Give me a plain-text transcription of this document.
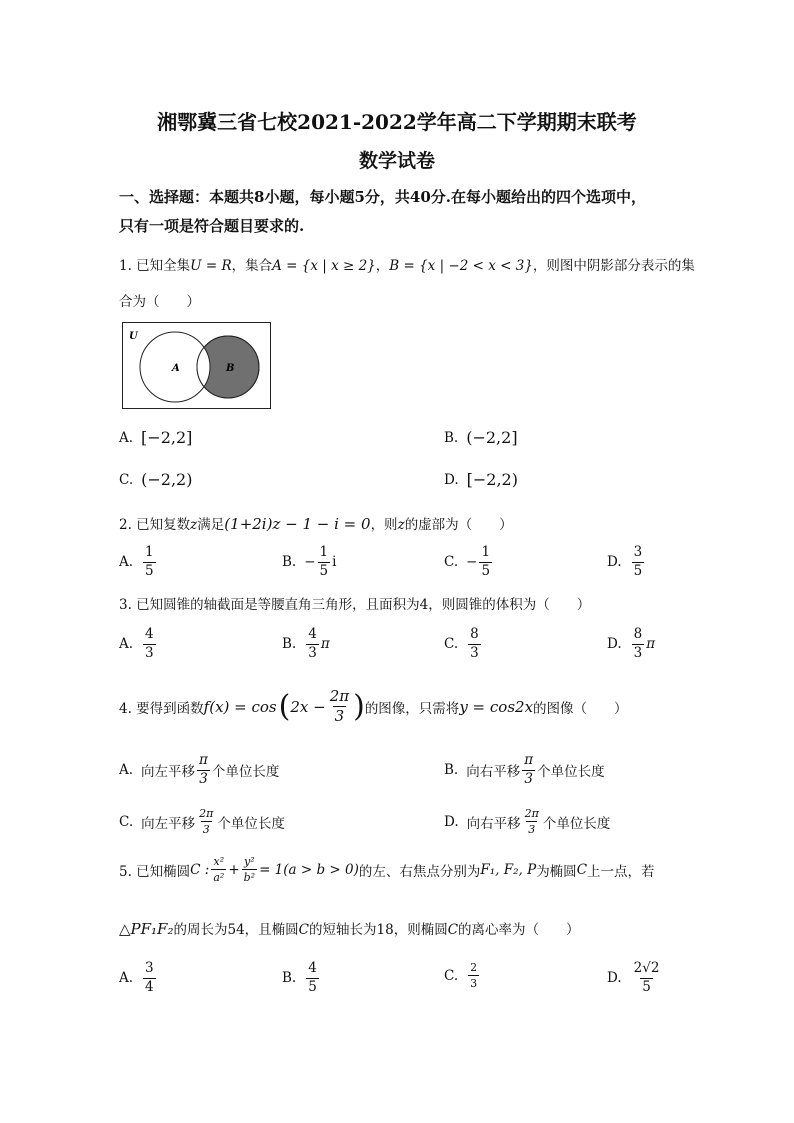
湘鄂冀三省七校2021-2022学年高二下学期期末联考
数学试卷
一、选择题：本题共8小题，每小题5分，共40分.在每小题给出的四个选项中，
只有一项是符合题目要求的.
1. 已知全集U = R，集合A = {x | x ≥ 2}，B = {x | −2 < x < 3}，则图中阴影部分表示的集
合为（　　）
U
A	B
A. [−2,2]	B. (−2,2]
C. (−2,2)	D. [−2,2)
2. 已知复数z满足(1+2i)z − 1 − i = 0，则z的虚部为（　　）
A. $\frac{1}{5}$	B. − $\frac{1}{5}$ i	C. − $\frac{1}{5}$	D. $\frac{3}{5}$
3. 已知圆锥的轴截面是等腰直角三角形，且面积为4，则圆锥的体积为（　　）
A. $\frac{4}{3}$	B. $\frac{4}{3}$ π	C. $\frac{8}{3}$	D. $\frac{8}{3}$ π
4. 要得到函数 f(x) = cos ( $2x - \frac{2\pi}{3}$ ) 的图像，只需将 y = cos2x 的图像（　　）
A. 向左平移 $\frac{\pi}{3}$ 个单位长度	B. 向右平移 $\frac{\pi}{3}$ 个单位长度
C. 向左平移 $\frac{2\pi}{3}$ 个单位长度	D. 向右平移 $\frac{2\pi}{3}$ 个单位长度
5. 已知椭圆 C : $\frac{\text{x²}}{\text{a²}} + \frac{\text{y²}}{\text{b²}} = 1(a > b > 0)$ 的左、右焦点分别为 F₁, F₂, P 为椭圆 C 上一点，若
△PF₁F₂的周长为54，且椭圆C的短轴长为18，则椭圆C的离心率为（　　）
A. $\frac{3}{4}$	B. $\frac{4}{5}$	C. $\frac{2}{3}$	D. $\frac{2√2}{5}$
